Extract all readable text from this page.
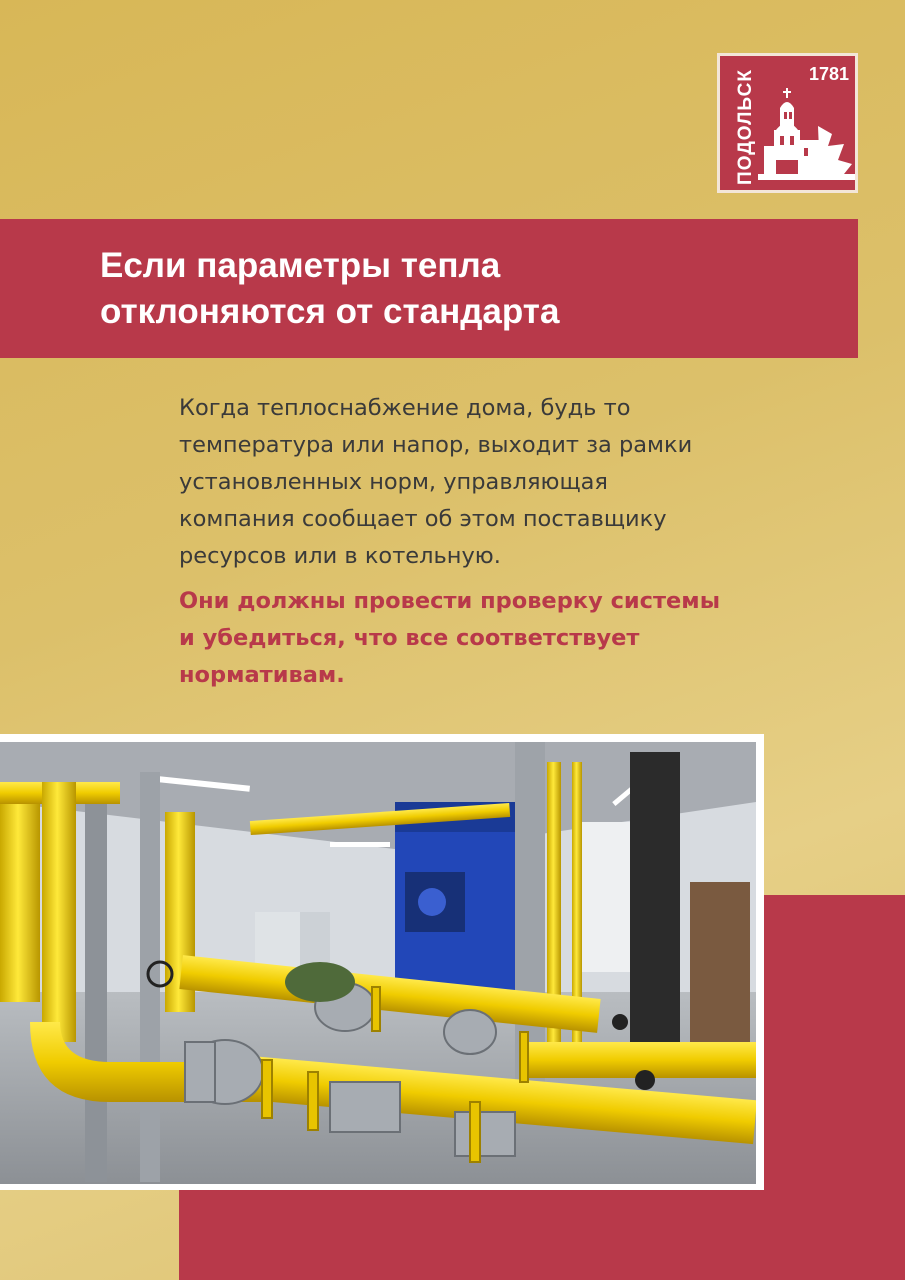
ПОДОЛЬСК	1781
Если параметры тепла
отклоняются от стандарта

Когда теплоснабжение дома, будь то
температура или напор, выходит за рамки
установленных норм, управляющая
компания сообщает об этом поставщику
ресурсов или в котельную.

Они должны провести проверку системы
и убедиться, что все соответствует
нормативам.
